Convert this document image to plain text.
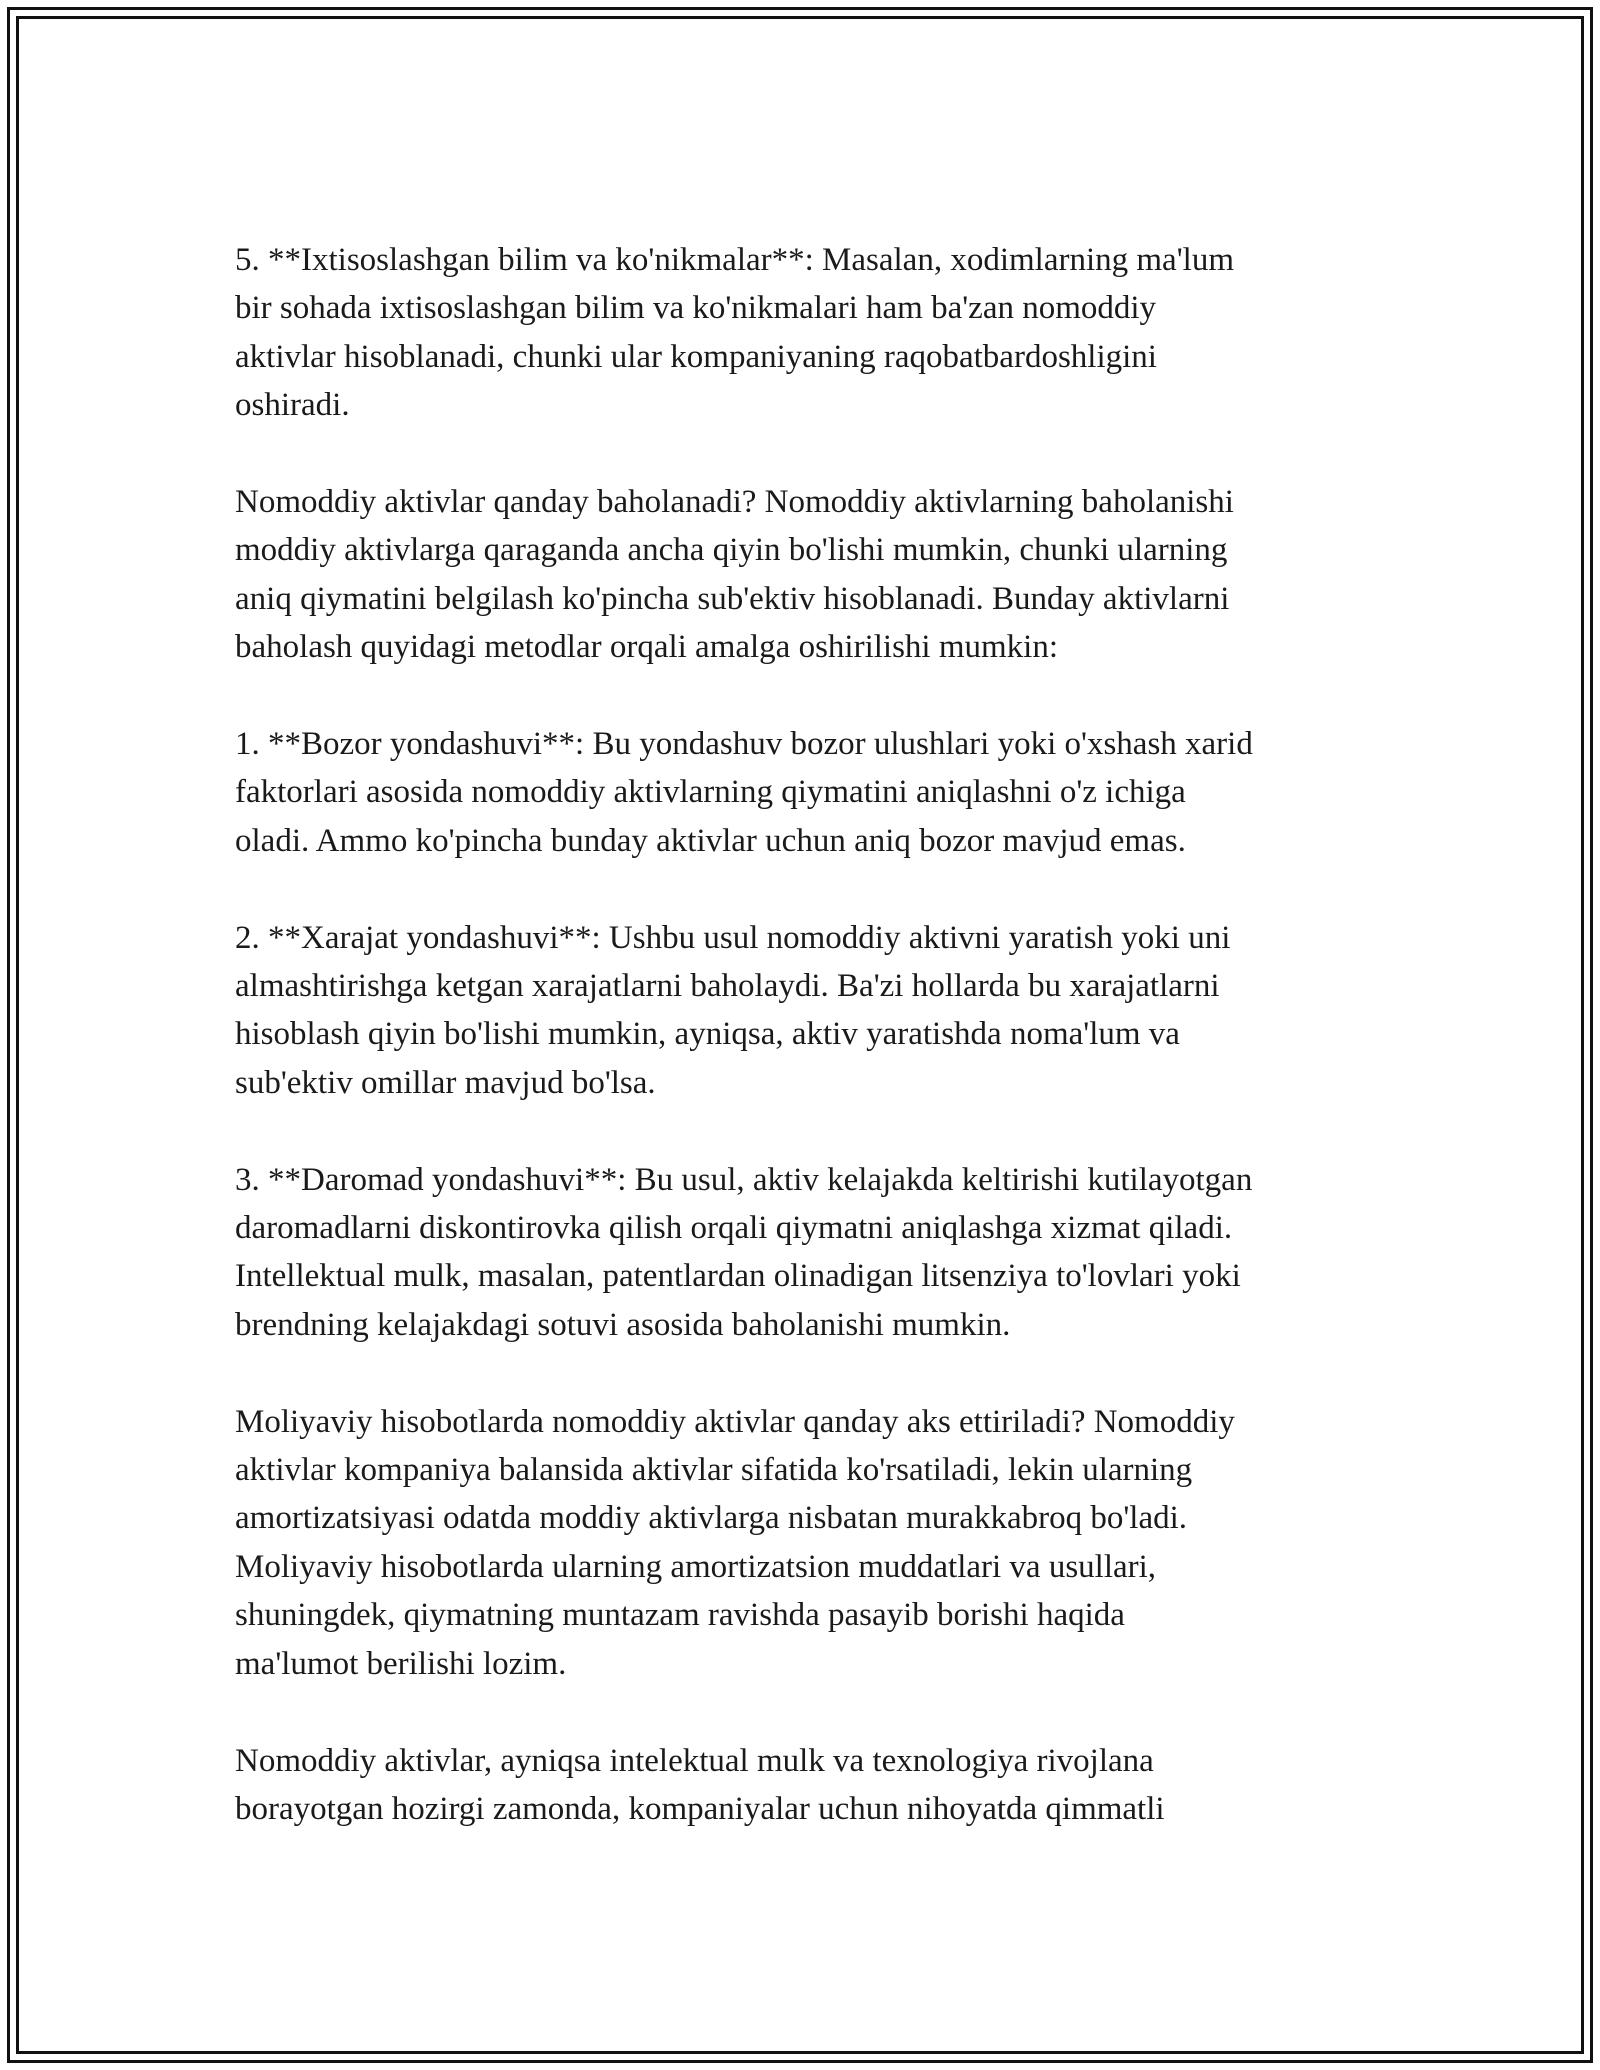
5. **Ixtisoslashgan bilim va ko'nikmalar**: Masalan, xodimlarning ma'lum
bir sohada ixtisoslashgan bilim va ko'nikmalari ham ba'zan nomoddiy
aktivlar hisoblanadi, chunki ular kompaniyaning raqobatbardoshligini
oshiradi.

Nomoddiy aktivlar qanday baholanadi? Nomoddiy aktivlarning baholanishi
moddiy aktivlarga qaraganda ancha qiyin bo'lishi mumkin, chunki ularning
aniq qiymatini belgilash ko'pincha sub'ektiv hisoblanadi. Bunday aktivlarni
baholash quyidagi metodlar orqali amalga oshirilishi mumkin:

1. **Bozor yondashuvi**: Bu yondashuv bozor ulushlari yoki o'xshash xarid
faktorlari asosida nomoddiy aktivlarning qiymatini aniqlashni o'z ichiga
oladi. Ammo ko'pincha bunday aktivlar uchun aniq bozor mavjud emas.

2. **Xarajat yondashuvi**: Ushbu usul nomoddiy aktivni yaratish yoki uni
almashtirishga ketgan xarajatlarni baholaydi. Ba'zi hollarda bu xarajatlarni
hisoblash qiyin bo'lishi mumkin, ayniqsa, aktiv yaratishda noma'lum va
sub'ektiv omillar mavjud bo'lsa.

3. **Daromad yondashuvi**: Bu usul, aktiv kelajakda keltirishi kutilayotgan
daromadlarni diskontirovka qilish orqali qiymatni aniqlashga xizmat qiladi.
Intellektual mulk, masalan, patentlardan olinadigan litsenziya to'lovlari yoki
brendning kelajakdagi sotuvi asosida baholanishi mumkin.

Moliyaviy hisobotlarda nomoddiy aktivlar qanday aks ettiriladi? Nomoddiy
aktivlar kompaniya balansida aktivlar sifatida ko'rsatiladi, lekin ularning
amortizatsiyasi odatda moddiy aktivlarga nisbatan murakkabroq bo'ladi.
Moliyaviy hisobotlarda ularning amortizatsion muddatlari va usullari,
shuningdek, qiymatning muntazam ravishda pasayib borishi haqida
ma'lumot berilishi lozim.

Nomoddiy aktivlar, ayniqsa intelektual mulk va texnologiya rivojlana
borayotgan hozirgi zamonda, kompaniyalar uchun nihoyatda qimmatli
